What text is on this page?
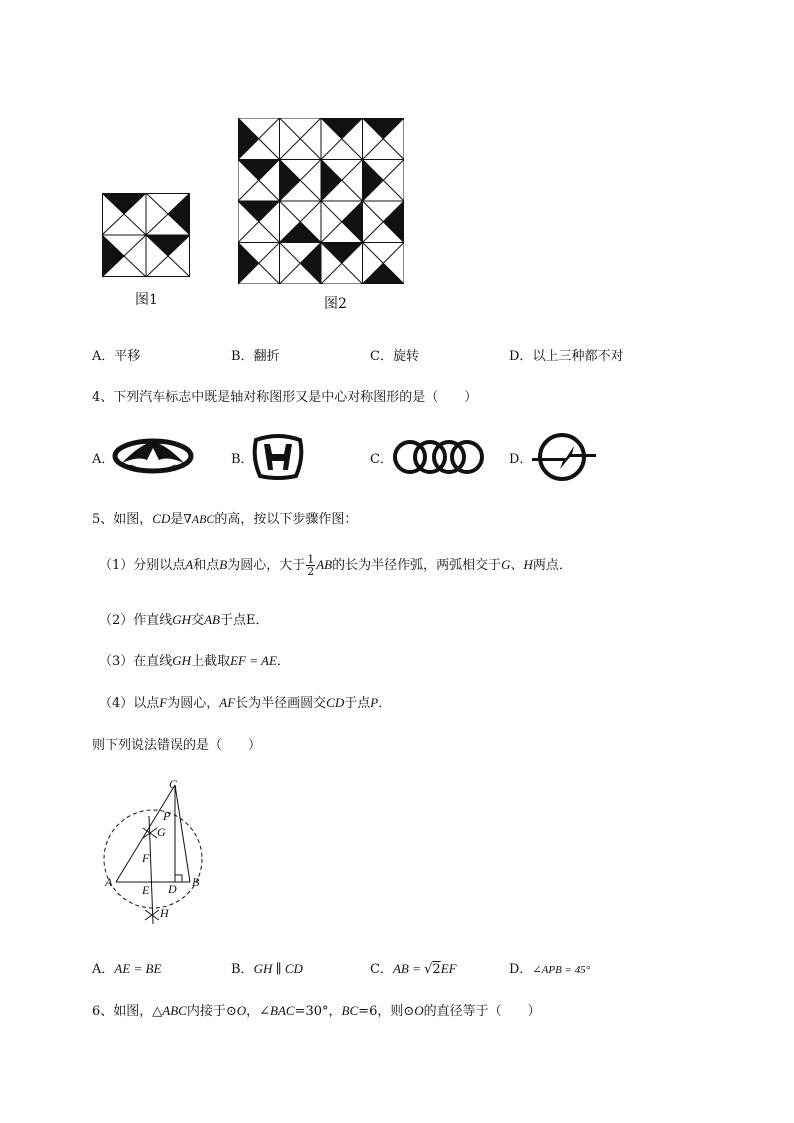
图1	图2
A．平移	B．翻折	C．旋转	D．以上三种都不对
4、下列汽车标志中既是轴对称图形又是中心对称图形的是（　　）
A．	B．	C．	D．
5、如图，CD是∇ABC的高，按以下步骤作图：
（1）分别以点A和点B为圆心，大于 $\frac{1}{2}$ AB的长为半径作弧，两弧相交于G、H两点．
（2）作直线GH交AB于点E．
（3）在直线GH上截取EF = AE．
（4）以点F为圆心，AF长为半径画圆交CD于点P．
则下列说法错误的是（　　）
C
P
G
F
A
E D B
H
A．AE = BE	B．GH ∥ CD	C．AB = √2EF	D．∠APB = 45°
6、如图，△ABC内接于⊙O，∠BAC=30°，BC=6，则⊙O的直径等于（　　）
